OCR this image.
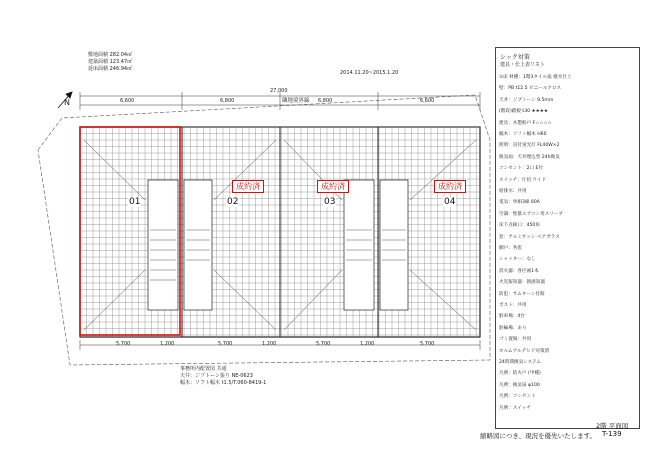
敷地面積 282.04㎡
建築面積 123.47㎡
延床面積 246.94㎡
2014.11.20~2015.1.20
N	隣地境界線
27,000
6,600	6,800	6,800	6,600
5,700	1,200	5,700	1,200	5,700	1,200	5,700
01	02	03	04
成約済	成約済	成約済
事務所内配置図 共通
天井：ジプトーン張り NE-0623
幅木：ソフト幅木 t1.5/T.060-8419-1
シック対策
建具・仕上表リスト
①床 材種：1階3タイル張 撥水仕上
壁：PB t12.5 ビニールクロス
天井：ジプトーン 9.5mm
(階段)踏板 t30 ★★★★
建具：木製框戸 F☆☆☆☆
幅木：ソフト幅木 H60
照明：直付蛍光灯 FL40W×2
換気扇：天井埋込型 24h換気
コンセント：2口 E付
スイッチ：片切 ワイド
給排水：共用
電気：単相3線 60A
空調：壁掛エアコン用スリーブ
床下点検口：450角
窓：アルミサッシ ペアガラス
網戸：各窓
シャッター：なし
消火器：各区画1本
火災報知器：熱感知器
防犯：サムターン付錠
ポスト：共用
駐車場：4台
駐輪場：あり
ゴミ置場：共用
ホルムアルデヒド対策済
24時間換気システム
凡例：防火戸 (甲種)
凡例：換気扇 φ100
凡例：コンセント
凡例：スイッチ
2階 平面図
T-139
縮略図につき、現況を優先いたします。
